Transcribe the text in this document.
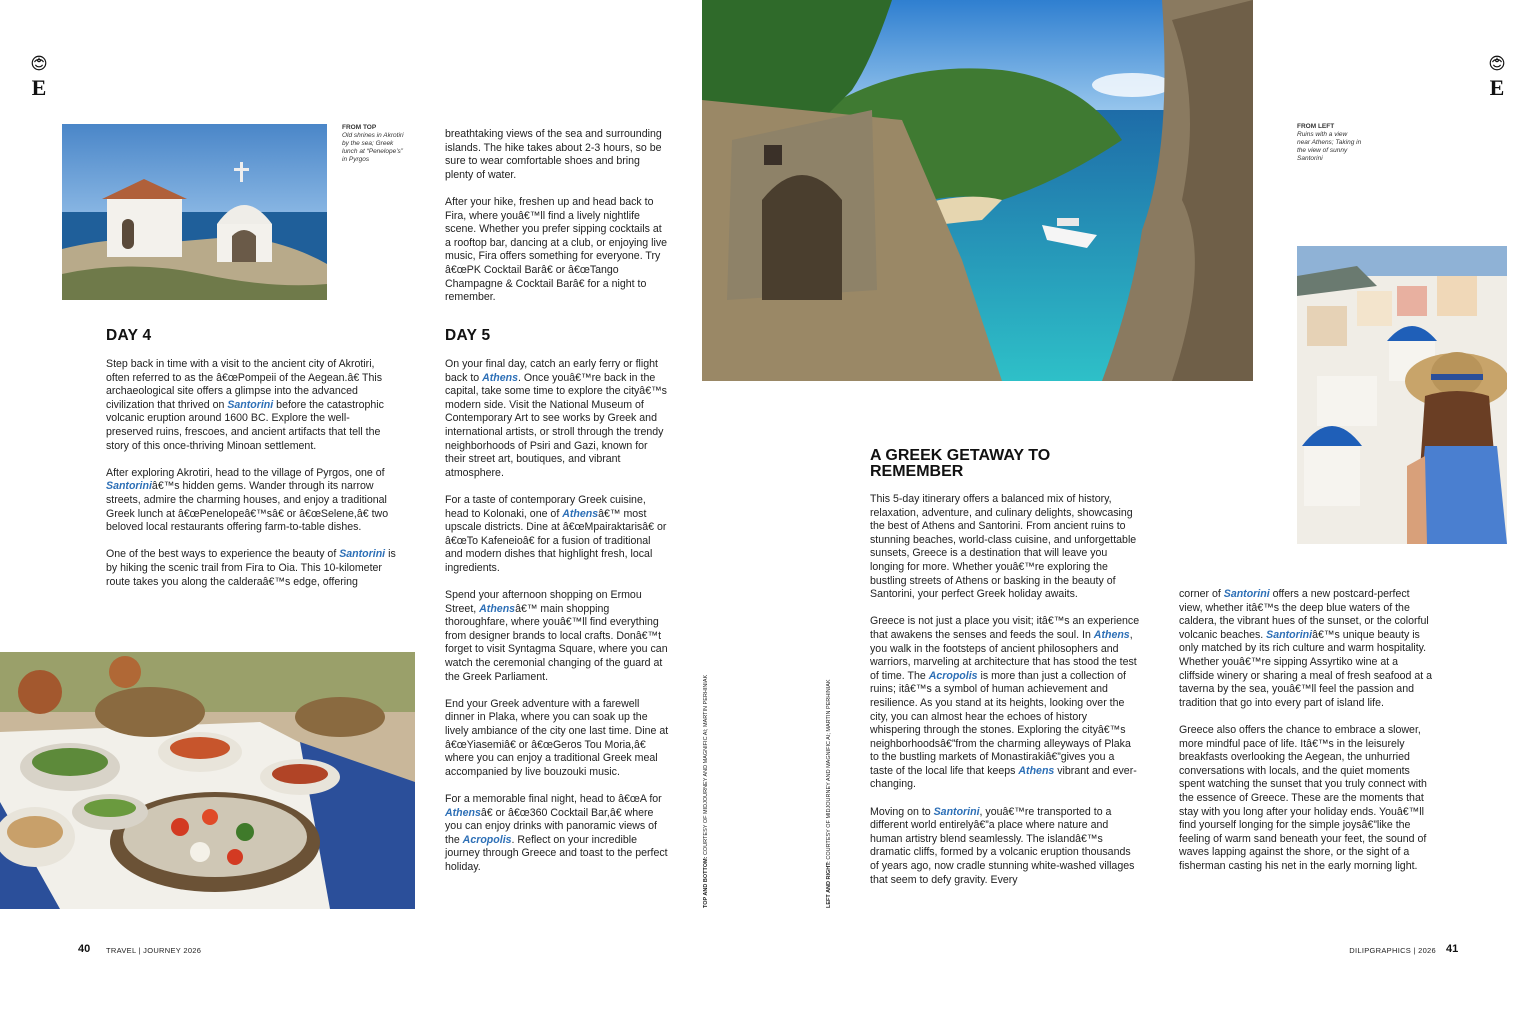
E	E
FROM TOP
Old shrines in Akrotiri by the sea; Greek lunch at “Penelope’s” in Pyrgos
DAY 4

Step back in time with a visit to the ancient city of Akrotiri, often referred to as the â€œPompeii of the Aegean.â€ This archaeological site offers a glimpse into the advanced civilization that thrived on Santorini before the catastrophic volcanic eruption around 1600 BC. Explore the well-preserved ruins, frescoes, and ancient artifacts that tell the story of this once-thriving Minoan settlement.

After exploring Akrotiri, head to the village of Pyrgos, one of Santoriniâ€™s hidden gems. Wander through its narrow streets, admire the charming houses, and enjoy a traditional Greek lunch at â€œPenelopeâ€™sâ€ or â€œSelene,â€ two beloved local restaurants offering farm-to-table dishes.

One of the best ways to experience the beauty of Santorini is by hiking the scenic trail from Fira to Oia. This 10-kilometer route takes you along the calderaâ€™s edge, offering

breathtaking views of the sea and surrounding islands. The hike takes about 2-3 hours, so be sure to wear comfortable shoes and bring plenty of water.

After your hike, freshen up and head back to Fira, where youâ€™ll find a lively nightlife scene. Whether you prefer sipping cocktails at a rooftop bar, dancing at a club, or enjoying live music, Fira offers something for everyone. Try â€œPK Cocktail Barâ€ or â€œTango Champagne & Cocktail Barâ€ for a night to remember.

DAY 5

On your final day, catch an early ferry or flight back to Athens. Once youâ€™re back in the capital, take some time to explore the cityâ€™s modern side. Visit the National Museum of Contemporary Art to see works by Greek and international artists, or stroll through the trendy neighborhoods of Psiri and Gazi, known for their street art, boutiques, and vibrant atmosphere.

For a taste of contemporary Greek cuisine, head to Kolonaki, one of Athensâ€™ most upscale districts. Dine at â€œMpairaktarisâ€ or â€œTo Kafeneioâ€ for a fusion of traditional and modern dishes that highlight fresh, local ingredients.

Spend your afternoon shopping on Ermou Street, Athensâ€™ main shopping thoroughfare, where youâ€™ll find everything from designer brands to local crafts. Donâ€™t forget to visit Syntagma Square, where you can watch the ceremonial changing of the guard at the Greek Parliament.

End your Greek adventure with a farewell dinner in Plaka, where you can soak up the lively ambiance of the city one last time. Dine at â€œYiasemiâ€ or â€œGeros Tou Moria,â€ where you can enjoy a traditional Greek meal accompanied by live bouzouki music.

For a memorable final night, head to â€œA for Athensâ€ or â€œ360 Cocktail Bar,â€ where you can enjoy drinks with panoramic views of the Acropolis. Reflect on your incredible journey through Greece and toast to the perfect holiday.	TOP AND BOTTOM: COURTESY OF MIDJOURNEY AND MAGNIFIC AI; MARTIN PERHINIAK
LEFT AND RIGHT: COURTESY OF MIDJOURNEY AND MAGNIFIC AI; MARTIN PERHINIAK
FROM LEFT
Ruins with a view near Athens; Taking in the view of sunny Santorini
A GREEK GETAWAY TO
REMEMBER

This 5-day itinerary offers a balanced mix of history, relaxation, adventure, and culinary delights, showcasing the best of Athens and Santorini. From ancient ruins to stunning beaches, world-class cuisine, and unforgettable sunsets, Greece is a destination that will leave you longing for more. Whether youâ€™re exploring the bustling streets of Athens or basking in the beauty of Santorini, your perfect Greek holiday awaits.

Greece is not just a place you visit; itâ€™s an experience that awakens the senses and feeds the soul. In Athens, you walk in the footsteps of ancient philosophers and warriors, marveling at architecture that has stood the test of time. The Acropolis is more than just a collection of ruins; itâ€™s a symbol of human achievement and resilience. As you stand at its heights, looking over the city, you can almost hear the echoes of history whispering through the stones. Exploring the cityâ€™s neighborhoodsâ€”from the charming alleyways of Plaka to the bustling markets of Monastirakiâ€”gives you a taste of the local life that keeps Athens vibrant and ever-changing.

Moving on to Santorini, youâ€™re transported to a different world entirelyâ€”a place where nature and human artistry blend seamlessly. The islandâ€™s dramatic cliffs, formed by a volcanic eruption thousands of years ago, now cradle stunning white-washed villages that seem to defy gravity. Every

corner of Santorini offers a new postcard-perfect view, whether itâ€™s the deep blue waters of the caldera, the vibrant hues of the sunset, or the colorful volcanic beaches. Santoriniâ€™s unique beauty is only matched by its rich culture and warm hospitality. Whether youâ€™re sipping Assyrtiko wine at a cliffside winery or sharing a meal of fresh seafood at a taverna by the sea, youâ€™ll feel the passion and tradition that go into every part of island life.

Greece also offers the chance to embrace a slower, more mindful pace of life. Itâ€™s in the leisurely breakfasts overlooking the Aegean, the unhurried conversations with locals, and the quiet moments spent watching the sunset that you truly connect with the essence of Greece. These are the moments that stay with you long after your holiday ends. Youâ€™ll find yourself longing for the simple joysâ€”like the feeling of warm sand beneath your feet, the sound of waves lapping against the shore, or the sight of a fisherman casting his net in the early morning light.

40 TRAVEL | JOURNEY 2026	DILIPGRAPHICS | 2026 41
